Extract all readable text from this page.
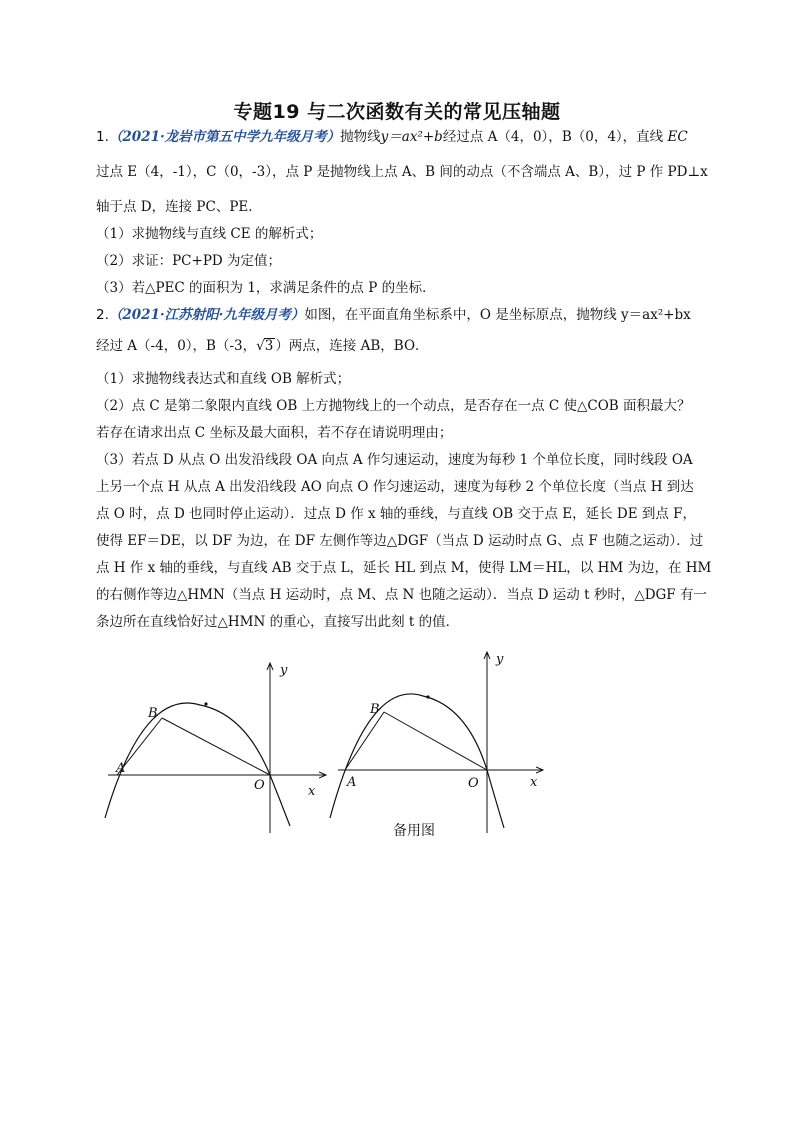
专题19 与二次函数有关的常见压轴题
1.（2021·龙岩市第五中学九年级月考）抛物线y＝ax²+b经过点 A（4，0），B（0，4），直线 EC
过点 E（4，-1），C（0，-3），点 P 是抛物线上点 A、B 间的动点（不含端点 A、B），过 P 作 PD⊥x
轴于点 D，连接 PC、PE．
（1）求抛物线与直线 CE 的解析式；
（2）求证：PC+PD 为定值；
（3）若△PEC 的面积为 1，求满足条件的点 P 的坐标．
2.（2021·江苏射阳·九年级月考）如图，在平面直角坐标系中，O 是坐标原点，抛物线 y＝ax²+bx
经过 A（-4，0），B（-3，√3 ）两点，连接 AB，BO．
（1）求抛物线表达式和直线 OB 解析式；
（2）点 C 是第二象限内直线 OB 上方抛物线上的一个动点，是否存在一点 C 使△COB 面积最大？
若存在请求出点 C 坐标及最大面积，若不存在请说明理由；
（3）若点 D 从点 O 出发沿线段 OA 向点 A 作匀速运动，速度为每秒 1 个单位长度，同时线段 OA
上另一个点 H 从点 A 出发沿线段 AO 向点 O 作匀速运动，速度为每秒 2 个单位长度（当点 H 到达
点 O 时，点 D 也同时停止运动）．过点 D 作 x 轴的垂线，与直线 OB 交于点 E，延长 DE 到点 F，
使得 EF＝DE，以 DF 为边，在 DF 左侧作等边△DGF（当点 D 运动时点 G、点 F 也随之运动）．过
点 H 作 x 轴的垂线，与直线 AB 交于点 L，延长 HL 到点 M，使得 LM＝HL，以 HM 为边，在 HM
的右侧作等边△HMN（当点 H 运动时，点 M、点 N 也随之运动）．当点 D 运动 t 秒时，△DGF 有一
条边所在直线恰好过△HMN 的重心，直接写出此刻 t 的值．
A
B
O	x
y
A
B
O	x
y
备用图
